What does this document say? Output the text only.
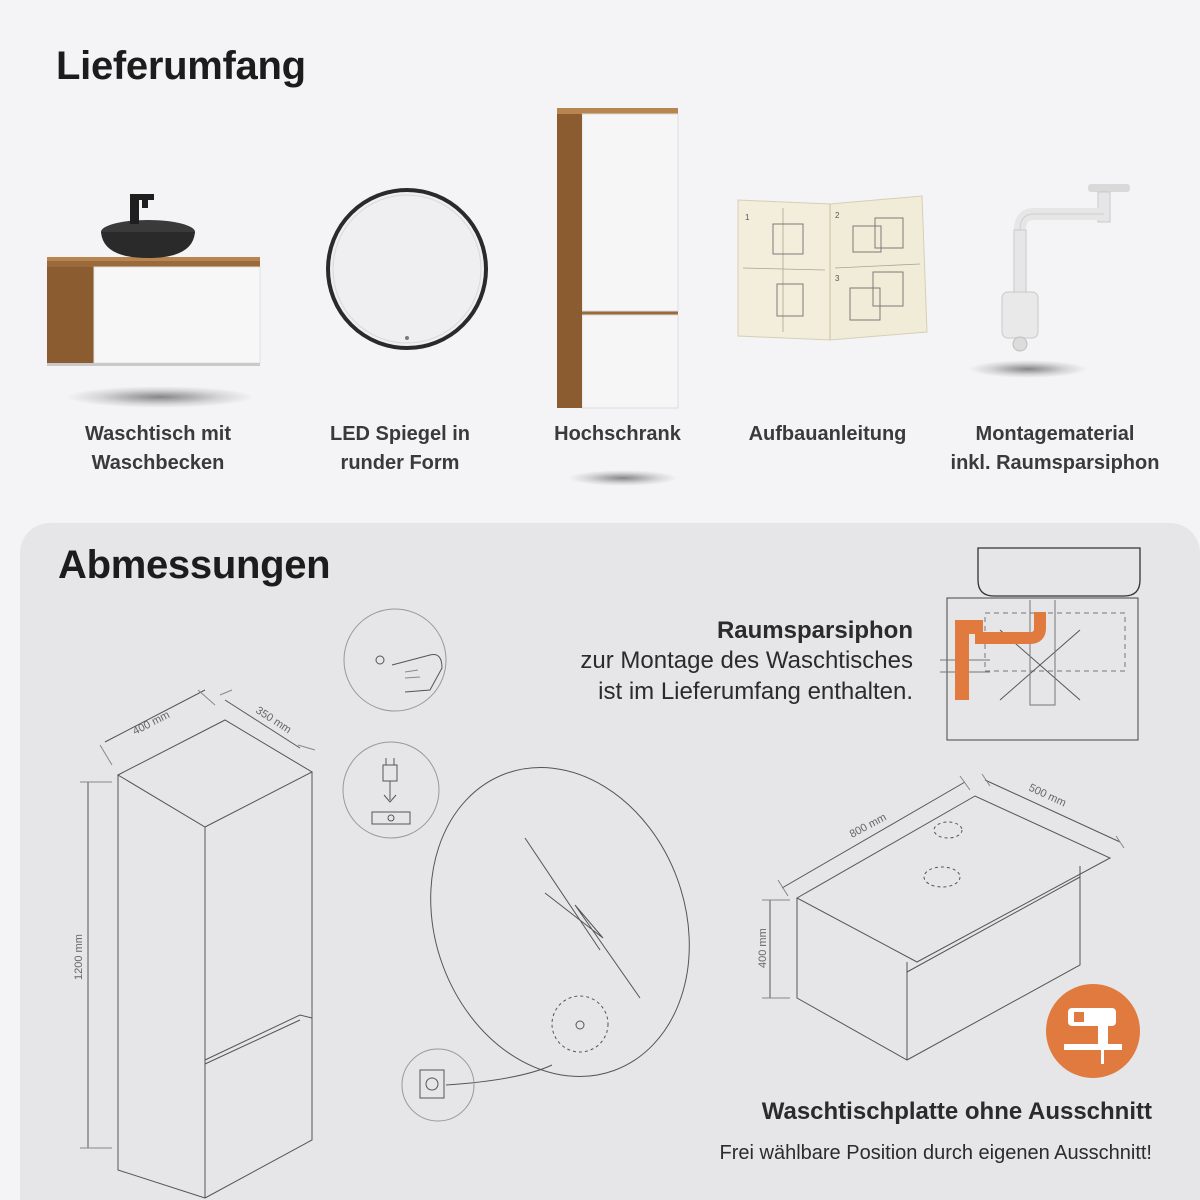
Lieferumfang
Waschtisch mit
Waschbecken
LED Spiegel in
runder Form
Hochschrank
1	2
3
Aufbauanleitung	Montagematerial
inkl. Raumsparsiphon
Abmessungen
400 mm	350 mm
1200 mm
800 mm
500 mm
400 mm
Raumsparsiphon
zur Montage des Waschtisches
ist im Lieferumfang enthalten.
Waschtischplatte ohne Ausschnitt
Frei wählbare Position durch eigenen Ausschnitt!
